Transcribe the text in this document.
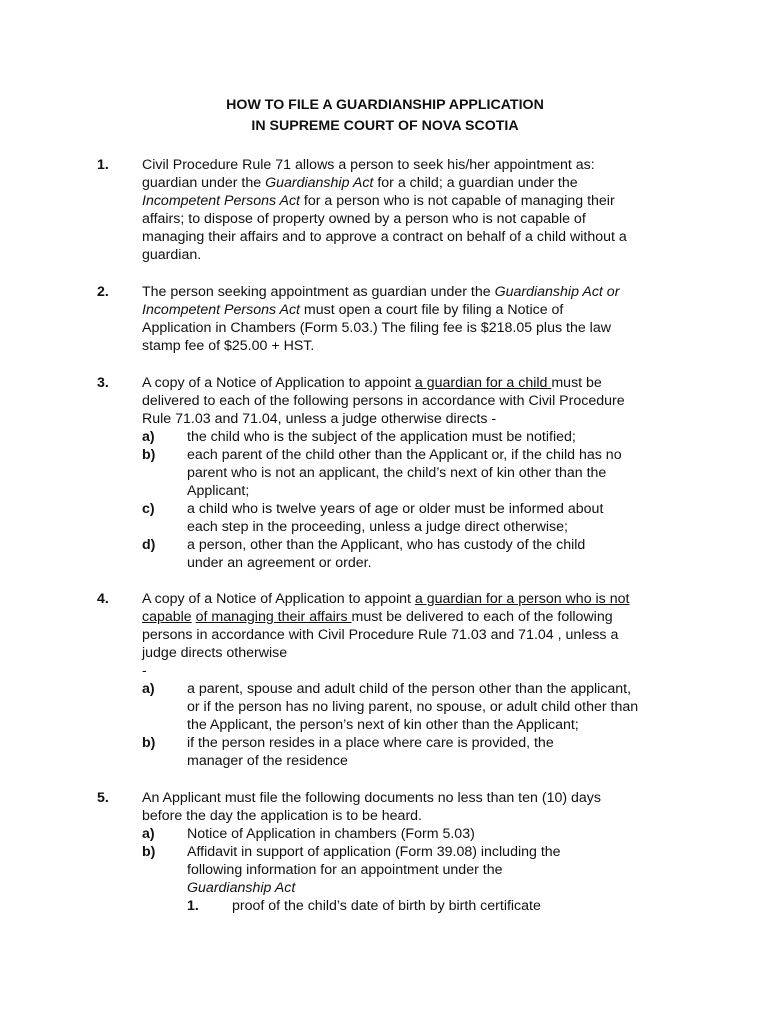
HOW TO FILE A GUARDIANSHIP APPLICATION
IN SUPREME COURT OF NOVA SCOTIA
1. Civil Procedure Rule 71 allows a person to seek his/her appointment as:
guardian under the Guardianship Act for a child; a guardian under the
Incompetent Persons Act for a person who is not capable of managing their
affairs; to dispose of property owned by a person who is not capable of
managing their affairs and to approve a contract on behalf of a child without a
guardian.
2. The person seeking appointment as guardian under the Guardianship Act or
Incompetent Persons Act must open a court file by filing a Notice of
Application in Chambers (Form 5.03.) The filing fee is $218.05 plus the law
stamp fee of $25.00 + HST.
3. A copy of a Notice of Application to appoint a guardian for a child must be
delivered to each of the following persons in accordance with Civil Procedure
Rule 71.03 and 71.04, unless a judge otherwise directs -
a) the child who is the subject of the application must be notified;
b) each parent of the child other than the Applicant or, if the child has no
parent who is not an applicant, the child’s next of kin other than the
Applicant;
c) a child who is twelve years of age or older must be informed about
each step in the proceeding, unless a judge direct otherwise;
d) a person, other than the Applicant, who has custody of the child
under an agreement or order.
4. A copy of a Notice of Application to appoint a guardian for a person who is not
capable of managing their affairs must be delivered to each of the following
persons in accordance with Civil Procedure Rule 71.03 and 71.04 , unless a
judge directs otherwise
-
a) a parent, spouse and adult child of the person other than the applicant,
or if the person has no living parent, no spouse, or adult child other than
the Applicant, the person’s next of kin other than the Applicant;
b) if the person resides in a place where care is provided, the
manager of the residence
5. An Applicant must file the following documents no less than ten (10) days
before the day the application is to be heard.
a) Notice of Application in chambers (Form 5.03)
b) Affidavit in support of application (Form 39.08) including the
following information for an appointment under the
Guardianship Act
1. proof of the child’s date of birth by birth certificate
